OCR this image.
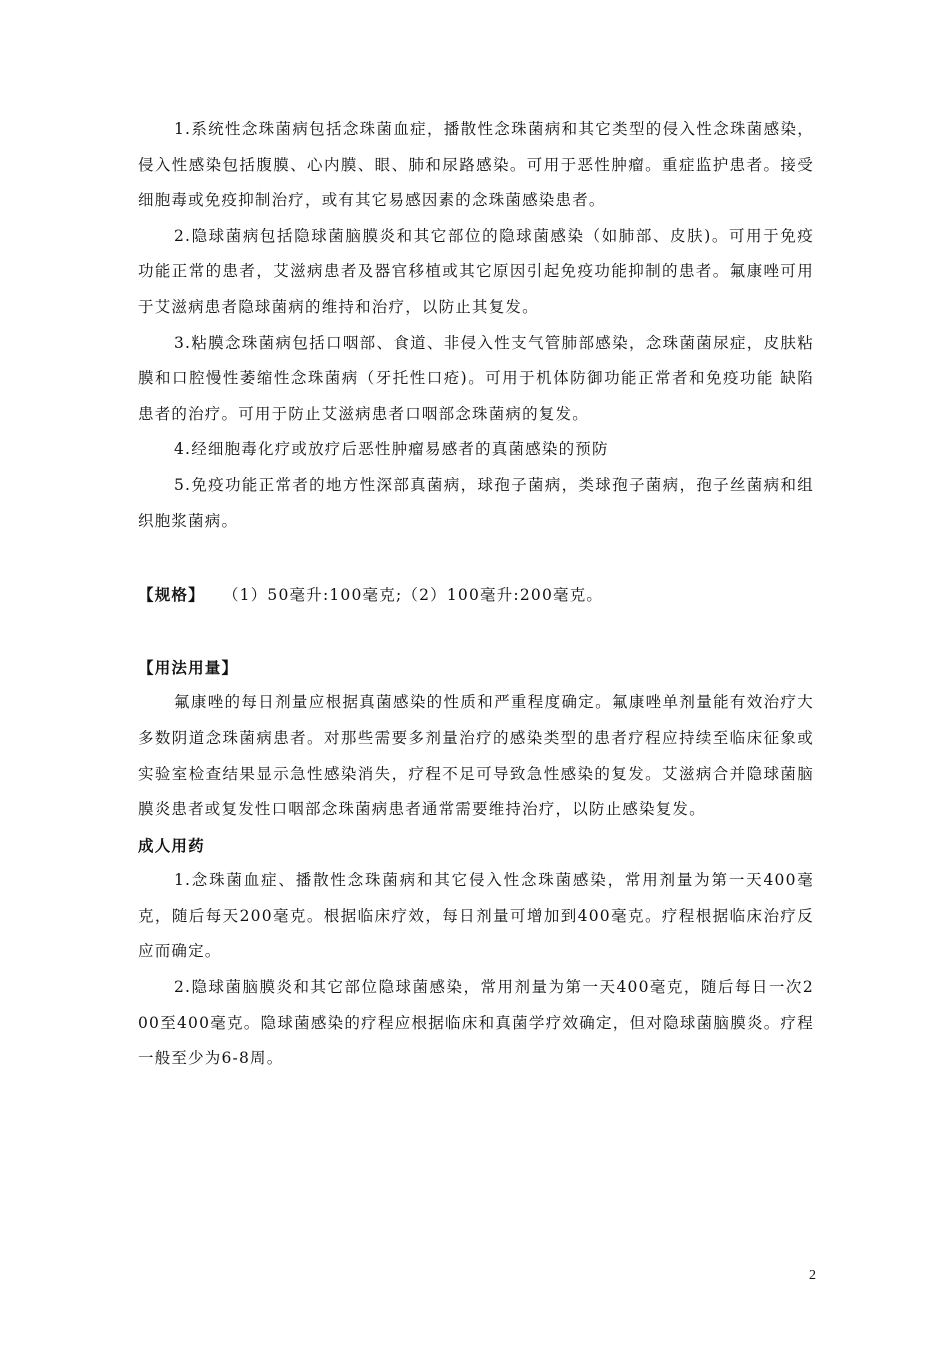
1.系统性念珠菌病包括念珠菌血症，播散性念珠菌病和其它类型的侵入性念珠菌感染，侵入性感染包括腹膜、心内膜、眼、肺和尿路感染。可用于恶性肿瘤。重症监护患者。接受细胞毒或免疫抑制治疗，或有其它易感因素的念珠菌感染患者。

2.隐球菌病包括隐球菌脑膜炎和其它部位的隐球菌感染（如肺部、皮肤)。可用于免疫功能正常的患者，艾滋病患者及器官移植或其它原因引起免疫功能抑制的患者。氟康唑可用于艾滋病患者隐球菌病的维持和治疗，以防止其复发。

3.粘膜念珠菌病包括口咽部、食道、非侵入性支气管肺部感染，念珠菌菌尿症，皮肤粘膜和口腔慢性萎缩性念珠菌病（牙托性口疮)。可用于机体防御功能正常者和免疫功能 缺陷患者的治疗。可用于防止艾滋病患者口咽部念珠菌病的复发。

4.经细胞毒化疗或放疗后恶性肿瘤易感者的真菌感染的预防

5.免疫功能正常者的地方性深部真菌病，球孢子菌病，类球孢子菌病，孢子丝菌病和组织胞浆菌病。

【规格】 （1）50毫升:100毫克;（2）100毫升:200毫克。

【用法用量】

氟康唑的每日剂量应根据真菌感染的性质和严重程度确定。氟康唑单剂量能有效治疗大多数阴道念珠菌病患者。对那些需要多剂量治疗的感染类型的患者疗程应持续至临床征象或实验室检查结果显示急性感染消失，疗程不足可导致急性感染的复发。艾滋病合并隐球菌脑膜炎患者或复发性口咽部念珠菌病患者通常需要维持治疗，以防止感染复发。

成人用药

1.念珠菌血症、播散性念珠菌病和其它侵入性念珠菌感染，常用剂量为第一天400毫克，随后每天200毫克。根据临床疗效，每日剂量可增加到400毫克。疗程根据临床治疗反应而确定。

2.隐球菌脑膜炎和其它部位隐球菌感染，常用剂量为第一天400毫克，随后每日一次200至400毫克。隐球菌感染的疗程应根据临床和真菌学疗效确定，但对隐球菌脑膜炎。疗程一般至少为6-8周。

2
